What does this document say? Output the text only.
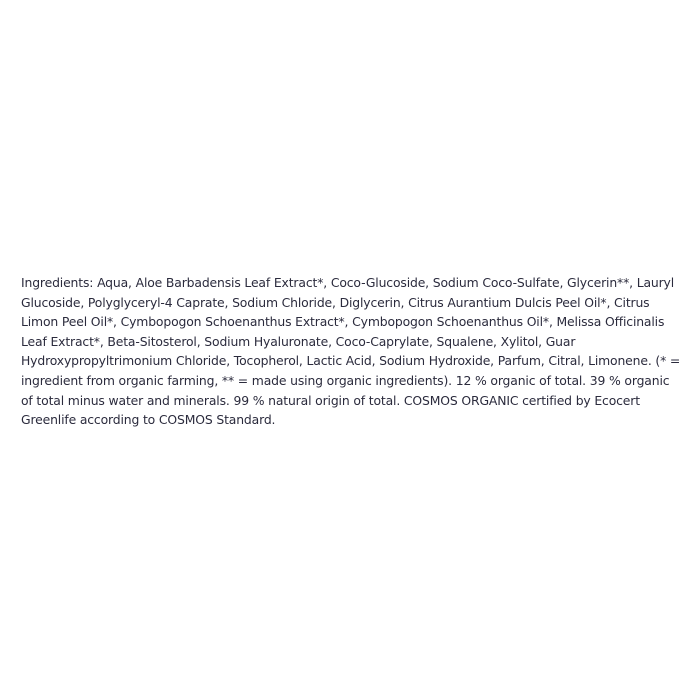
Ingredients: Aqua, Aloe Barbadensis Leaf Extract*, Coco-Glucoside, Sodium Coco-Sulfate, Glycerin**, Lauryl Glucoside, Polyglyceryl-4 Caprate, Sodium Chloride, Diglycerin, Citrus Aurantium Dulcis Peel Oil*, Citrus Limon Peel Oil*, Cymbopogon Schoenanthus Extract*, Cymbopogon Schoenanthus Oil*, Melissa Officinalis Leaf Extract*, Beta-Sitosterol, Sodium Hyaluronate, Coco-Caprylate, Squalene, Xylitol, Guar Hydroxypropyltrimonium Chloride, Tocopherol, Lactic Acid, Sodium Hydroxide, Parfum, Citral, Limonene. (* = ingredient from organic farming, ** = made using organic ingredients). 12 % organic of total. 39 % organic of total minus water and minerals. 99 % natural origin of total. COSMOS ORGANIC certified by Ecocert Greenlife according to COSMOS Standard.
